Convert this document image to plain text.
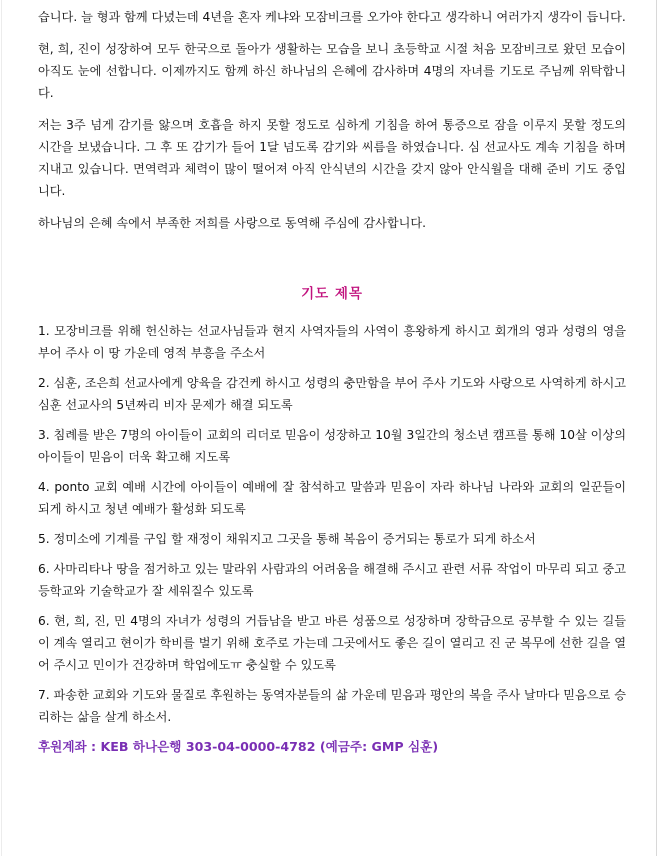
습니다. 늘 형과 함께 다녔는데 4년을 혼자 케냐와 모잠비크를 오가야 한다고 생각하니 여러가지 생각이 듭니다.

현, 희, 진이 성장하여 모두 한국으로 돌아가 생활하는 모습을 보니 초등학교 시절 처음 모잠비크로 왔던 모습이 아직도 눈에 선합니다. 이제까지도 함께 하신 하나님의 은혜에 감사하며 4명의 자녀를 기도로 주님께 위탁합니다.

저는 3주 넘게 감기를 앓으며 호흡을 하지 못할 정도로 심하게 기침을 하여 통증으로 잠을 이루지 못할 정도의 시간을 보냈습니다. 그 후 또 감기가 들어 1달 넘도록 감기와 씨름을 하였습니다. 심 선교사도 계속 기침을 하며 지내고 있습니다. 면역력과 체력이 많이 떨어져 아직 안식년의 시간을 갖지 않아 안식월을 대해 준비 기도 중입니다.

하나님의 은혜 속에서 부족한 저희를 사랑으로 동역해 주심에 감사합니다.

기도 제목

1. 모장비크를 위해 헌신하는 선교사님들과 현지 사역자들의 사역이 흥왕하게 하시고 회개의 영과 성령의 영을 부어 주사 이 땅 가운데 영적 부흥을 주소서

2. 심훈, 조은희 선교사에게 양육을 감건케 하시고 성령의 충만함을 부어 주사 기도와 사랑으로 사역하게 하시고 심훈 선교사의 5년짜리 비자 문제가 해결 되도록

3. 침례를 받은 7명의 아이들이 교회의 리더로 믿음이 성장하고 10월 3일간의 청소년 캠프를 통해 10살 이상의 아이들이 믿음이 더욱 확고해 지도록

4. ponto 교회 예배 시간에 아이들이 예배에 잘 참석하고 말씀과 믿음이 자라 하나님 나라와 교회의 일꾼들이 되게 하시고 청년 예배가 활성화 되도록

5. 정미소에 기계를 구입 할 재정이 채워지고 그곳을 통해 복음이 증거되는 통로가 되게 하소서

6. 사마리타나 땅을 점거하고 있는 말라위 사람과의 어려움을 해결해 주시고 관련 서류 작업이 마무리 되고 중고등학교와 기술학교가 잘 세워질수 있도록

6. 현, 희, 진, 민 4명의 자녀가 성령의 거듭남을 받고 바른 성품으로 성장하며 장학금으로 공부할 수 있는 길들이 계속 열리고 현이가 학비를 벌기 위해 호주로 가는데 그곳에서도 좋은 길이 열리고 진 군 복무에 선한 길을 열어 주시고 민이가 건강하며 학업에도ㅠ 충실할 수 있도록

7. 파송한 교회와 기도와 물질로 후원하는 동역자분들의 삶 가운데 믿음과 평안의 복을 주사 날마다 믿음으로 승리하는 삶을 살게 하소서.

후원계좌 : KEB 하나은행 303-04-0000-4782 (예금주: GMP 심훈)
